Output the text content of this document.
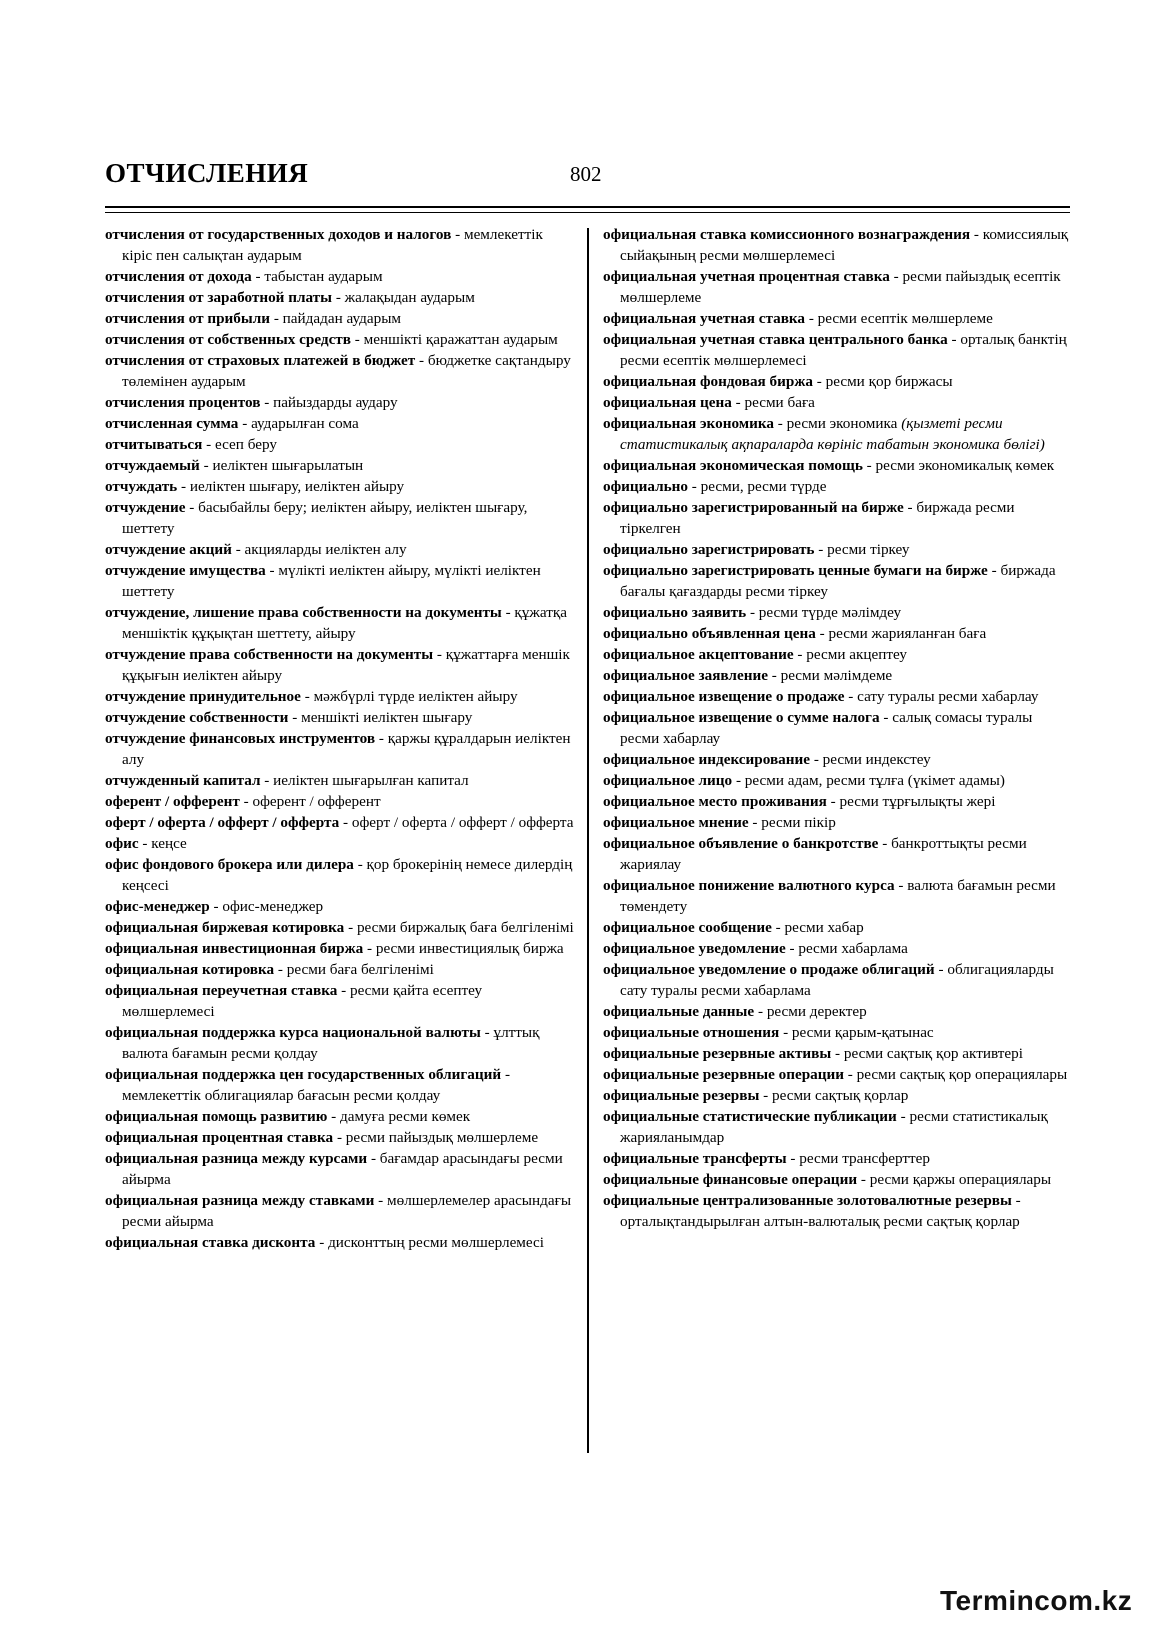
ОТЧИСЛЕНИЯ	802

отчисления от государственных доходов и налогов - мемлекеттік кіріс пен салықтан аударым

отчисления от дохода - табыстан аударым

отчисления от заработной платы - жалақыдан аударым

отчисления от прибыли - пайдадан аударым

отчисления от собственных средств - меншікті қаражаттан аударым

отчисления от страховых платежей в бюджет - бюджетке сақтандыру төлемінен аударым

отчисления процентов - пайыздарды аудару

отчисленная сумма - аударылған сома

отчитываться - есеп беру

отчуждаемый - иеліктен шығарылатын

отчуждать - иеліктен шығару, иеліктен айыру

отчуждение - басыбайлы беру; иеліктен айыру, иеліктен шығару, шеттету

отчуждение акций - акцияларды иеліктен алу

отчуждение имущества - мүлікті иеліктен айыру, мүлікті иеліктен шеттету

отчуждение, лишение права собственности на документы - құжатқа меншіктік құқықтан шеттету, айыру

отчуждение права собственности на документы - құжаттарға меншік құқығын иеліктен айыру

отчуждение принудительное - мәжбүрлі түрде иеліктен айыру

отчуждение собственности - меншікті иеліктен шығару

отчуждение финансовых инструментов - қаржы құралдарын иеліктен алу

отчужденный капитал - иеліктен шығарылған капитал

оферент / офферент - оферент / офферент

оферт / оферта / офферт / офферта - оферт / оферта / офферт / офферта

офис - кеңсе

офис фондового брокера или дилера - қор брокерінің немесе дилердің кеңсесі

офис-менеджер - офис-менеджер

официальная биржевая котировка - ресми биржалық баға белгіленімі

официальная инвестиционная биржа - ресми инвестициялық биржа

официальная котировка - ресми баға белгіленімі

официальная переучетная ставка - ресми қайта есептеу мөлшерлемесі

официальная поддержка курса национальной валюты - ұлттық валюта бағамын ресми қолдау

официальная поддержка цен государственных облигаций - мемлекеттік облигациялар бағасын ресми қолдау

официальная помощь развитию - дамуға ресми көмек

официальная процентная ставка - ресми пайыздық мөлшерлеме

официальная разница между курсами - бағамдар арасындағы ресми айырма

официальная разница между ставками - мөлшерлемелер арасындағы ресми айырма

официальная ставка дисконта - дисконттың ресми мөлшерлемесі

официальная ставка комиссионного вознаграждения - комиссиялық сыйақының ресми мөлшерлемесі

официальная учетная процентная ставка - ресми пайыздық есептік мөлшерлеме

официальная учетная ставка - ресми есептік мөлшерлеме

официальная учетная ставка центрального банка - орталық банктің ресми есептік мөлшерлемесі

официальная фондовая биржа - ресми қор биржасы

официальная цена - ресми баға

официальная экономика - ресми экономика (қызметі ресми статистикалық ақпараларда көрініс табатын экономика бөлігі)

официальная экономическая помощь - ресми экономикалық көмек

официально - ресми, ресми түрде

официально зарегистрированный на бирже - биржада ресми тіркелген

официально зарегистрировать - ресми тіркеу

официально зарегистрировать ценные бумаги на бирже - биржада бағалы қағаздарды ресми тіркеу

официально заявить - ресми түрде мәлімдеу

официально объявленная цена - ресми жарияланған баға

официальное акцептование - ресми акцептеу

официальное заявление - ресми мәлімдеме

официальное извещение о продаже - сату туралы ресми хабарлау

официальное извещение о сумме налога - салық сомасы туралы ресми хабарлау

официальное индексирование - ресми индекстеу

официальное лицо - ресми адам, ресми тұлға (үкімет адамы)

официальное место проживания - ресми тұрғылықты жері

официальное мнение - ресми пікір

официальное объявление о банкротстве - банкроттықты ресми жариялау

официальное понижение валютного курса - валюта бағамын ресми төмендету

официальное сообщение - ресми хабар

официальное уведомление - ресми хабарлама

официальное уведомление о продаже облигаций - облигацияларды сату туралы ресми хабарлама

официальные данные - ресми деректер

официальные отношения - ресми қарым-қатынас

официальные резервные активы - ресми сақтық қор активтері

официальные резервные операции - ресми сақтық қор операциялары

официальные резервы - ресми сақтық қорлар

официальные статистические публикации - ресми статистикалық жарияланымдар

официальные трансферты - ресми трансферттер

официальные финансовые операции - ресми қаржы операциялары

официальные централизованные золотовалютные резервы - орталықтандырылған алтын-валюталық ресми сақтық қорлар

Termincom.kz
